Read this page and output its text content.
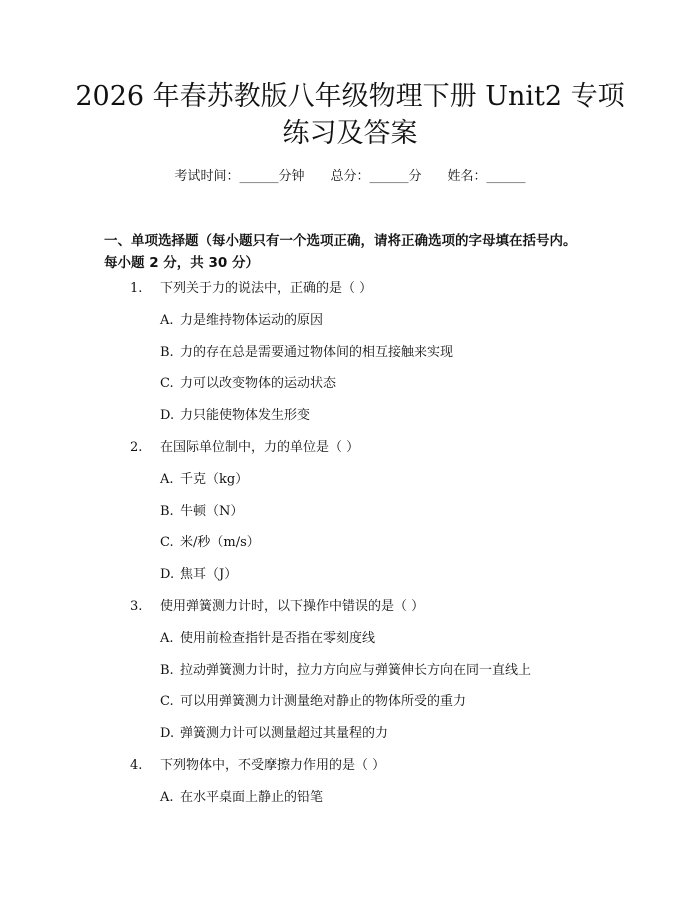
2026 年春苏教版八年级物理下册 Unit2 专项
练习及答案
考试时间：______分钟 总分：______分 姓名：______
一、单项选择题（每小题只有一个选项正确，请将正确选项的字母填在括号内。
每小题 2 分，共 30 分）
1. 下列关于力的说法中，正确的是（ ）
A. 力是维持物体运动的原因
B. 力的存在总是需要通过物体间的相互接触来实现
C. 力可以改变物体的运动状态
D. 力只能使物体发生形变
2. 在国际单位制中，力的单位是（ ）
A. 千克（kg）
B. 牛顿（N）
C. 米/秒（m/s）
D. 焦耳（J）
3. 使用弹簧测力计时，以下操作中错误的是（ ）
A. 使用前检查指针是否指在零刻度线
B. 拉动弹簧测力计时，拉力方向应与弹簧伸长方向在同一直线上
C. 可以用弹簧测力计测量绝对静止的物体所受的重力
D. 弹簧测力计可以测量超过其量程的力
4. 下列物体中，不受摩擦力作用的是（ ）
A. 在水平桌面上静止的铅笔
